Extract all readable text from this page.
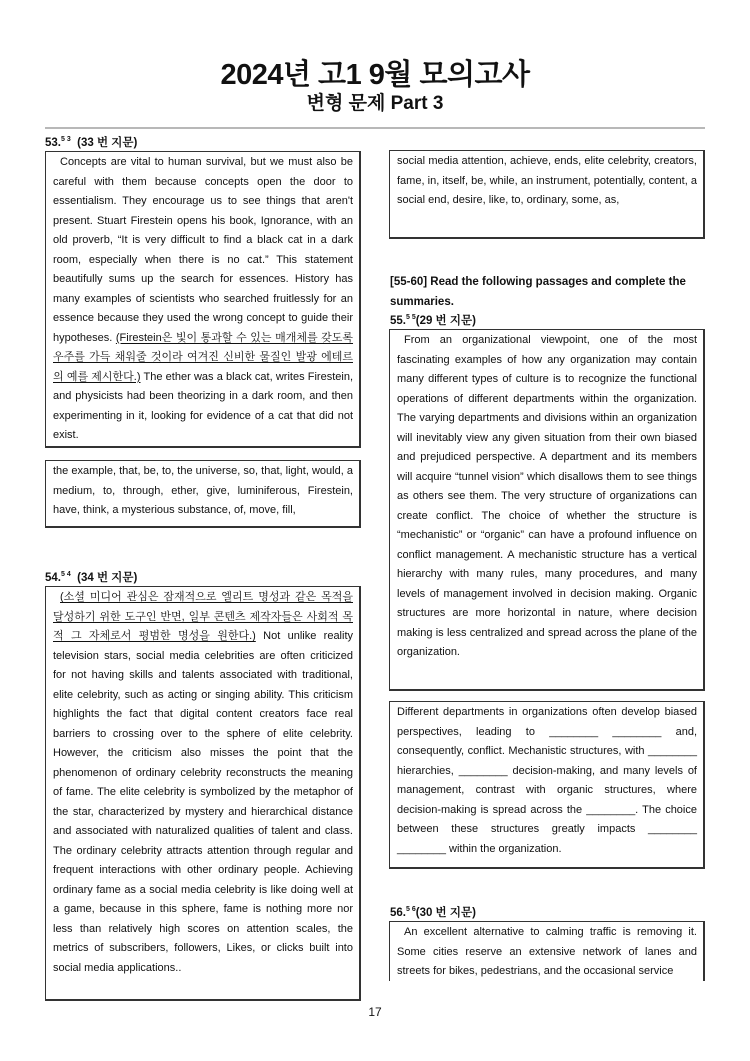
2024년 고1 9월 모의고사
변형 문제 Part 3
53.$^{5 3}$ (33 번 지문)
Concepts are vital to human survival, but we must also be careful with them because concepts open the door to essentialism. They encourage us to see things that aren't present. Stuart Firestein opens his book, Ignorance, with an old proverb, “It is very difficult to find a black cat in a dark room, especially when there is no cat.” This statement beautifully sums up the search for essences. History has many examples of scientists who searched fruitlessly for an essence because they used the wrong concept to guide their hypotheses. (Firestein은 빛이 통과할 수 있는 매개체를 갖도록 우주를 가득 채워줄 것이라 여겨진 신비한 물질인 발광 에테르의 예를 제시한다.) The ether was a black cat, writes Firestein, and physicists had been theorizing in a dark room, and then experimenting in it, looking for evidence of a cat that did not exist.
the example, that, be, to, the universe, so, that, light, would, a medium, to, through, ether, give, luminiferous, Firestein, have, think, a mysterious substance, of, move, fill,
54.$^{5 4}$ (34 번 지문)
(소셜 미디어 관심은 잠재적으로 엘리트 명성과 같은 목적을 달성하기 위한 도구인 반면, 일부 콘텐츠 제작자들은 사회적 목적 그 자체로서 평범한 명성을 원한다.) Not unlike reality television stars, social media celebrities are often criticized for not having skills and talents associated with traditional, elite celebrity, such as acting or singing ability. This criticism highlights the fact that digital content creators face real barriers to crossing over to the sphere of elite celebrity. However, the criticism also misses the point that the phenomenon of ordinary celebrity reconstructs the meaning of fame. The elite celebrity is symbolized by the metaphor of the star, characterized by mystery and hierarchical distance and associated with naturalized qualities of talent and class. The ordinary celebrity attracts attention through regular and frequent interactions with other ordinary people. Achieving ordinary fame as a social media celebrity is like doing well at a game, because in this sphere, fame is nothing more nor less than relatively high scores on attention scales, the metrics of subscribers, followers, Likes, or clicks built into social media applications..
social media attention, achieve, ends, elite celebrity, creators, fame, in, itself, be, while, an instrument, potentially, content, a social end, desire, like, to, ordinary, some, as,
[55-60] Read the following passages and complete the summaries.
55.$^{5 5}$(29 번 지문)
From an organizational viewpoint, one of the most fascinating examples of how any organization may contain many different types of culture is to recognize the functional operations of different departments within the organization. The varying departments and divisions within an organization will inevitably view any given situation from their own biased and prejudiced perspective. A department and its members will acquire “tunnel vision” which disallows them to see things as others see them. The very structure of organizations can create conflict. The choice of whether the structure is “mechanistic” or “organic” can have a profound influence on conflict management. A mechanistic structure has a vertical hierarchy with many rules, many procedures, and many levels of management involved in decision making. Organic structures are more horizontal in nature, where decision making is less centralized and spread across the plane of the organization.
Different departments in organizations often develop biased perspectives, leading to ________ ________ and, consequently, conflict. Mechanistic structures, with ________ hierarchies, ________ decision-making, and many levels of management, contrast with organic structures, where decision-making is spread across the ________. The choice between these structures greatly impacts ________ ________ within the organization.
56.$^{5 6}$(30 번 지문)
An excellent alternative to calming traffic is removing it. Some cities reserve an extensive network of lanes and streets for bikes, pedestrians, and the occasional service
17
